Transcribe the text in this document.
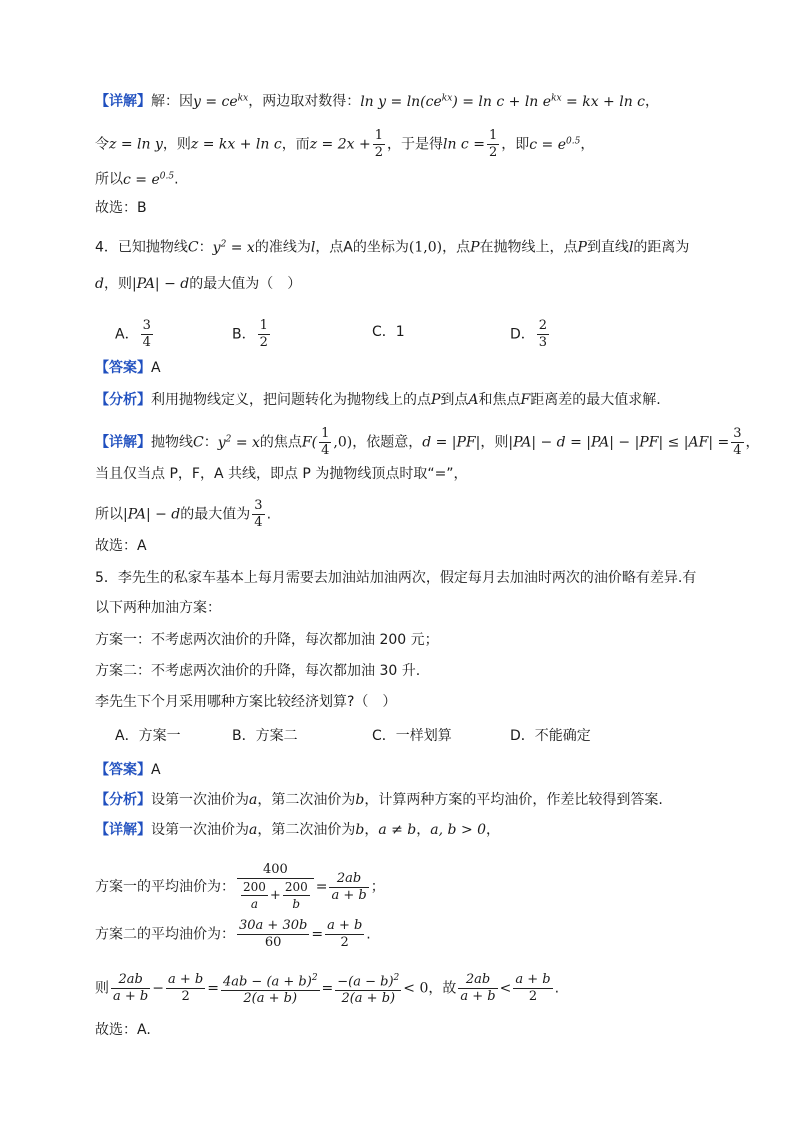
【详解】解：因$y = ce^{kx}$，两边取对数得：$\ln y = \ln(ce^{kx}) = \ln c + \ln e^{kx}$ = kx + ln c，
令z = ln y，则z = kx + ln c，而$z = 2x + \frac{1}{2}$ ，于是得$\ln c = \frac{1}{2}$ ，即$c = e^{0.5}$，
所以$c = e^{0.5}$.
故选：B
4．已知抛物线C：$y^2 = x$的准线为l，点A的坐标为(1,0)，点P在抛物线上，点P到直线l的距离为
d，则|PA| − d的最大值为（　）
A． $\frac{3}{4}$	B． $\frac{1}{2}$	C．1	D． $\frac{2}{3}$
【答案】A
【分析】利用抛物线定义，把问题转化为抛物线上的点P到点A和焦点F距离差的最大值求解.
【详解】抛物线C：$y^2 = x$的焦点$F( \frac{1}{4} ,0)$，依题意，d = |PF|，则$|PA| - d = |PA| - |PF| \le |AF| = \frac{3}{4}$ ，
当且仅当点 P，F，A 共线，即点 P 为抛物线顶点时取“=”，
所以|PA| − d的最大值为 $\frac{3}{4}$ .
故选：A
5．李先生的私家车基本上每月需要去加油站加油两次，假定每月去加油时两次的油价略有差异.有
以下两种加油方案：
方案一：不考虑两次油价的升降，每次都加油 200 元；
方案二：不考虑两次油价的升降，每次都加油 30 升.
李先生下个月采用哪种方案比较经济划算?（　）
A．方案一	B．方案二	C．一样划算	D．不能确定
【答案】A
【分析】设第一次油价为a，第二次油价为b，计算两种方案的平均油价，作差比较得到答案.
【详解】设第一次油价为a，第二次油价为b，a ≠ b，a, b > 0，
方案一的平均油价为： $\frac{400}{\frac{200}{a} + \frac{200}{b}} = \frac{2ab}{a + b}$ ；
方案二的平均油价为： $\frac{30a + 30b}{60} = \frac{a + b}{2}$ .
则 $\frac{2ab}{a + b} - \frac{a + b}{2} = \frac{4ab - (a + b)^2}{2(a + b)} = \frac{-(a - b)^2}{2(a + b)} < 0$，故 $\frac{2ab}{a + b} < \frac{a + b}{2}$ .
故选：A.
